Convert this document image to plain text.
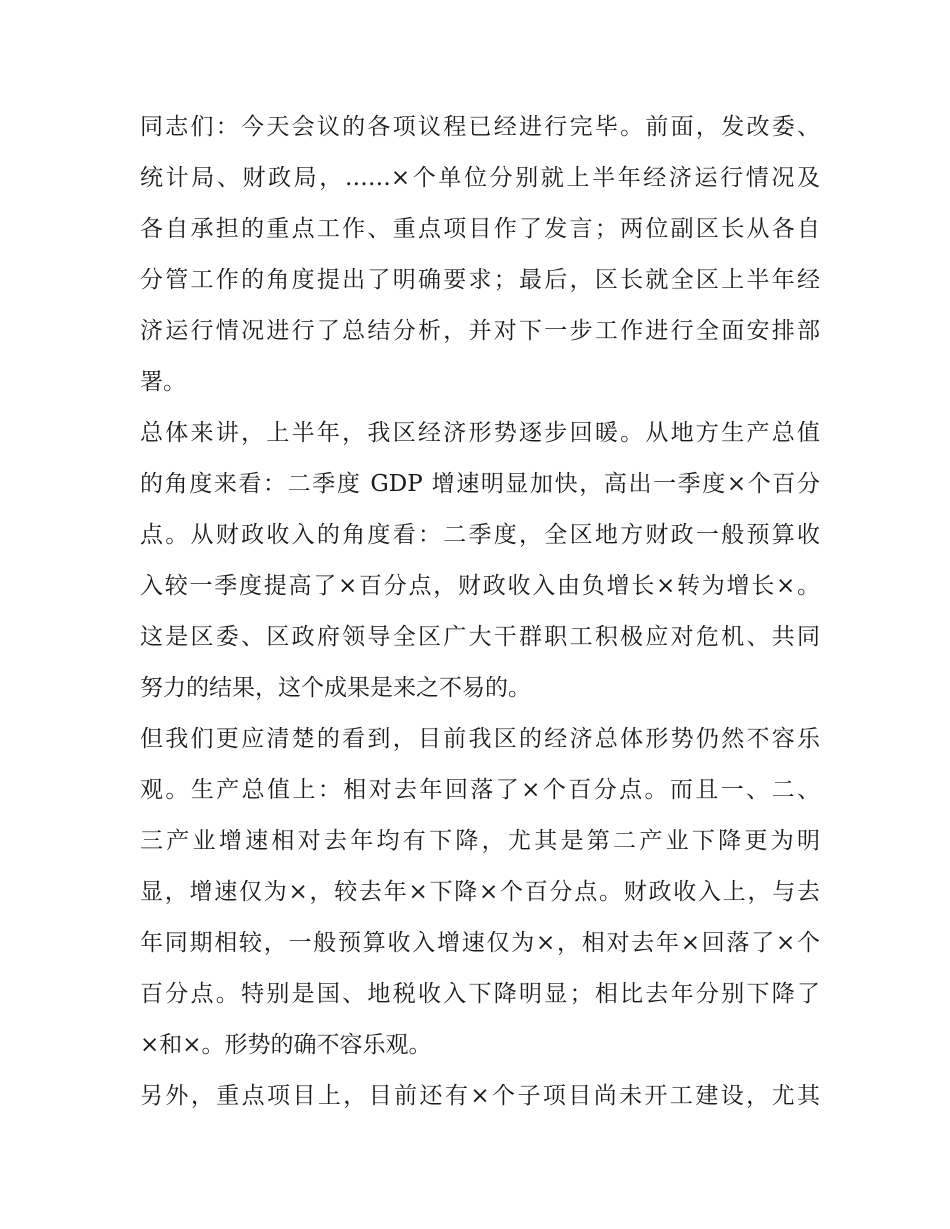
同志们：今天会议的各项议程已经进行完毕。前面，发改委、
统计局、财政局，……×个单位分别就上半年经济运行情况及
各自承担的重点工作、重点项目作了发言；两位副区长从各自
分管工作的角度提出了明确要求；最后，区长就全区上半年经
济运行情况进行了总结分析，并对下一步工作进行全面安排部
署。
总体来讲，上半年，我区经济形势逐步回暖。从地方生产总值
的角度来看：二季度 GDP 增速明显加快，高出一季度×个百分
点。从财政收入的角度看：二季度，全区地方财政一般预算收
入较一季度提高了×百分点，财政收入由负增长×转为增长×。
这是区委、区政府领导全区广大干群职工积极应对危机、共同
努力的结果，这个成果是来之不易的。
但我们更应清楚的看到，目前我区的经济总体形势仍然不容乐
观。生产总值上：相对去年回落了×个百分点。而且一、二、
三产业增速相对去年均有下降，尤其是第二产业下降更为明
显，增速仅为×，较去年×下降×个百分点。财政收入上，与去
年同期相较，一般预算收入增速仅为×，相对去年×回落了×个
百分点。特别是国、地税收入下降明显；相比去年分别下降了
×和×。形势的确不容乐观。
另外，重点项目上，目前还有×个子项目尚未开工建设，尤其
